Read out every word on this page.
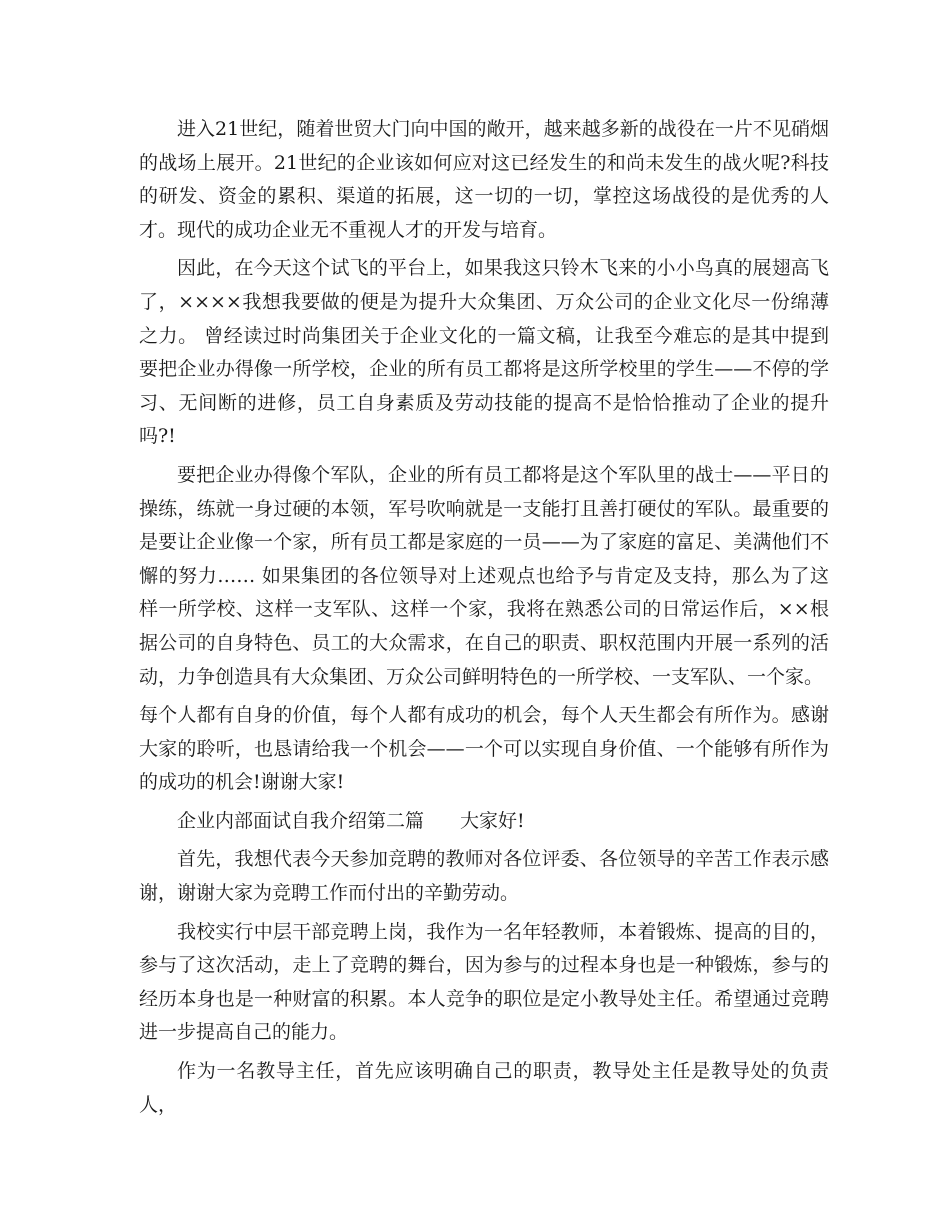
进入21世纪，随着世贸大门向中国的敞开，越来越多新的战役在一片不见硝烟的战场上展开。21世纪的企业该如何应对这已经发生的和尚未发生的战火呢?科技的研发、资金的累积、渠道的拓展，这一切的一切，掌控这场战役的是优秀的人才。现代的成功企业无不重视人才的开发与培育。

因此，在今天这个试飞的平台上，如果我这只铃木飞来的小小鸟真的展翅高飞了，××××我想我要做的便是为提升大众集团、万众公司的企业文化尽一份绵薄之力。 曾经读过时尚集团关于企业文化的一篇文稿，让我至今难忘的是其中提到要把企业办得像一所学校，企业的所有员工都将是这所学校里的学生——不停的学习、无间断的进修，员工自身素质及劳动技能的提高不是恰恰推动了企业的提升吗?!

要把企业办得像个军队，企业的所有员工都将是这个军队里的战士——平日的操练，练就一身过硬的本领，军号吹响就是一支能打且善打硬仗的军队。最重要的是要让企业像一个家，所有员工都是家庭的一员——为了家庭的富足、美满他们不懈的努力…… 如果集团的各位领导对上述观点也给予与肯定及支持，那么为了这样一所学校、这样一支军队、这样一个家，我将在熟悉公司的日常运作后，××根据公司的自身特色、员工的大众需求，在自己的职责、职权范围内开展一系列的活动，力争创造具有大众集团、万众公司鲜明特色的一所学校、一支军队、一个家。

每个人都有自身的价值，每个人都有成功的机会，每个人天生都会有所作为。感谢大家的聆听，也恳请给我一个机会——一个可以实现自身价值、一个能够有所作为的成功的机会!谢谢大家!

企业内部面试自我介绍第二篇 大家好!

首先，我想代表今天参加竞聘的教师对各位评委、各位领导的辛苦工作表示感谢，谢谢大家为竞聘工作而付出的辛勤劳动。

我校实行中层干部竞聘上岗，我作为一名年轻教师，本着锻炼、提高的目的，参与了这次活动，走上了竞聘的舞台，因为参与的过程本身也是一种锻炼，参与的经历本身也是一种财富的积累。本人竞争的职位是定小教导处主任。希望通过竞聘进一步提高自己的能力。

作为一名教导主任，首先应该明确自己的职责，教导处主任是教导处的负责人，
